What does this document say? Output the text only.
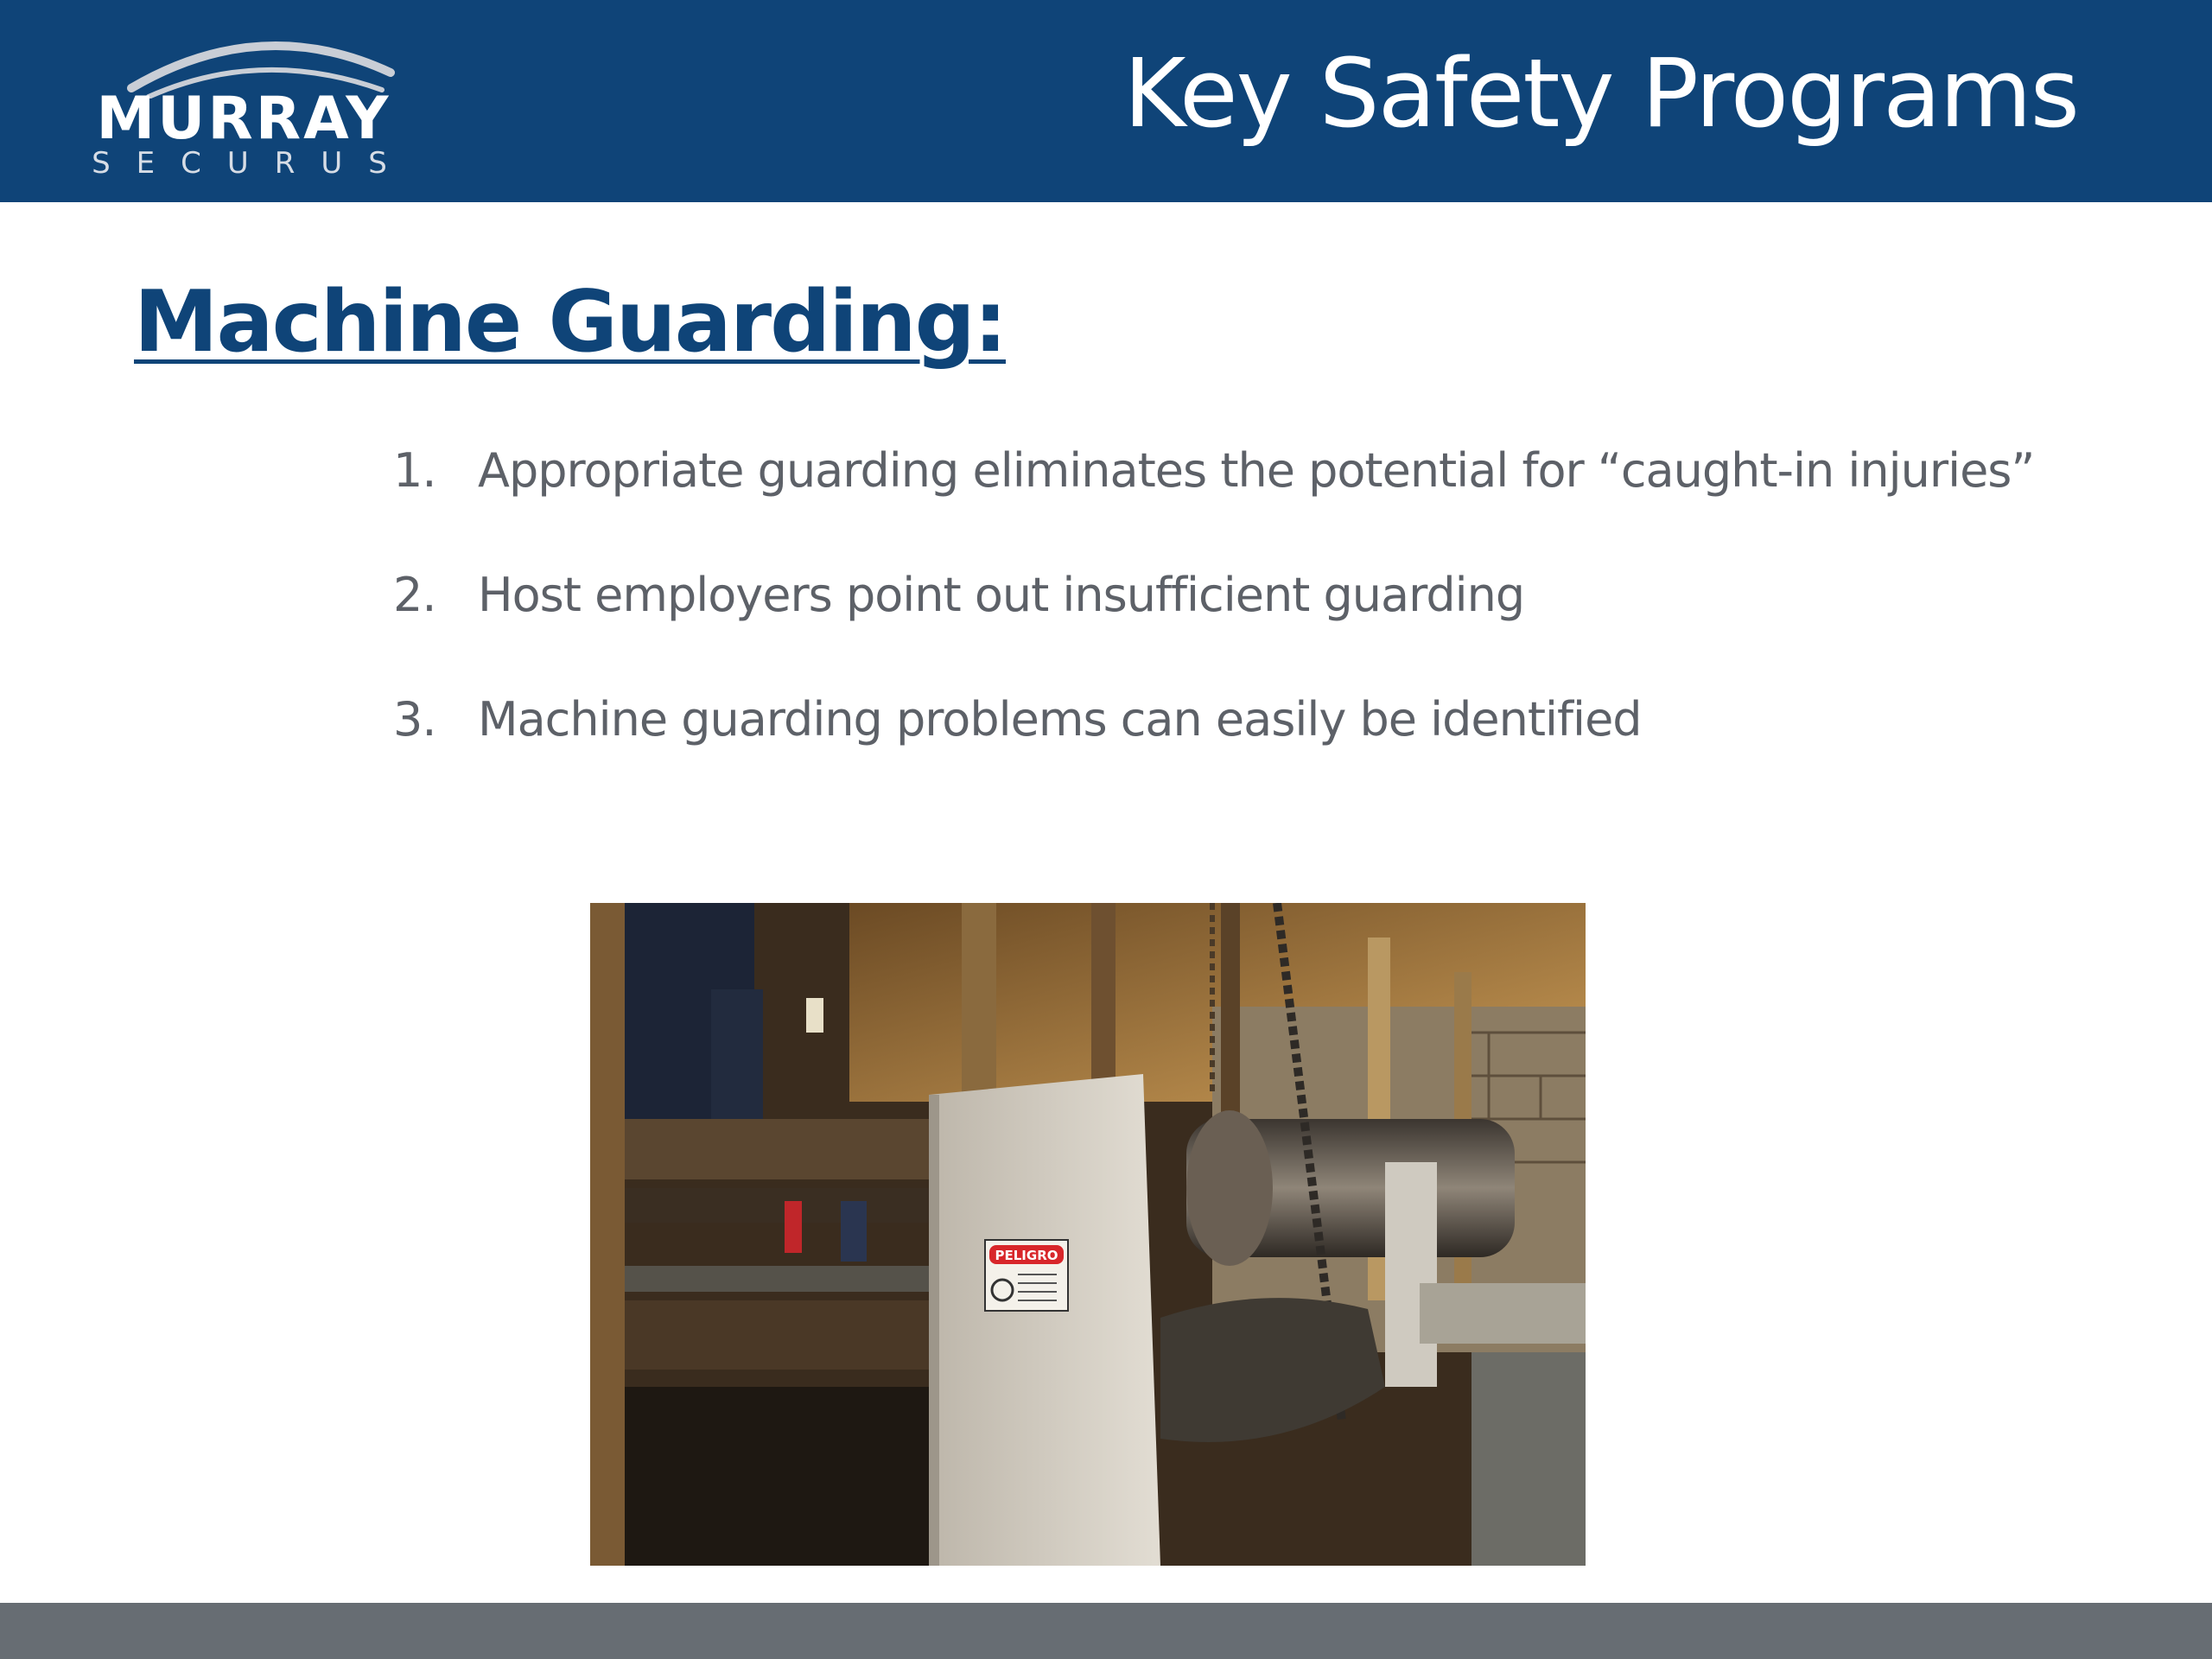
MURRAY
SECURUS
Key Safety Programs
Machine Guarding:
1. Appropriate guarding eliminates the potential for “caught-in injuries”
2. Host employers point out insufficient guarding
3. Machine guarding problems can easily be identified
PELIGRO
